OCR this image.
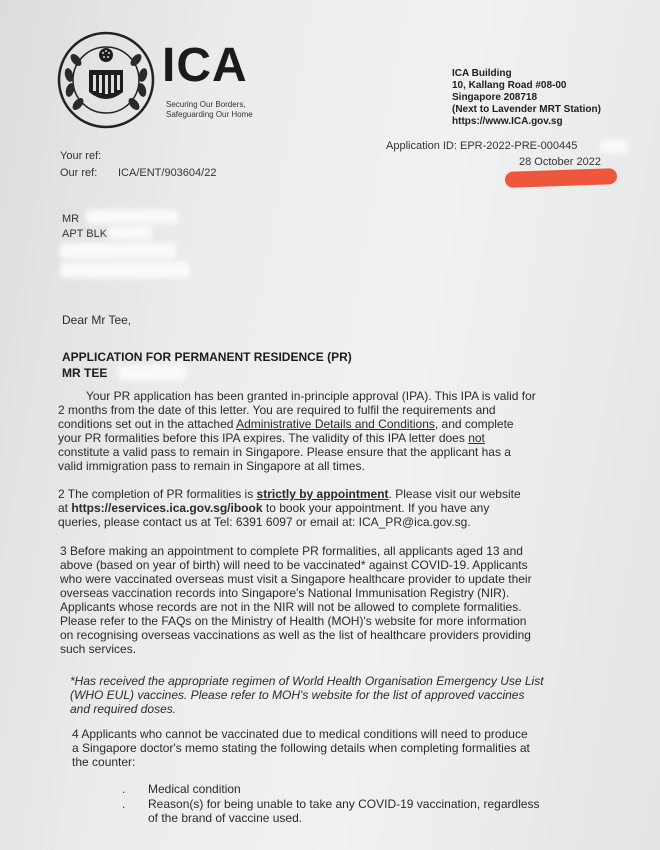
ICA
Securing Our Borders,
Safeguarding Our Home
ICA Building
10, Kallang Road #08-00
Singapore 208718
(Next to Lavender MRT Station)
https://www.ICA.gov.sg
Your ref:
Our ref: ICA/ENT/903604/22
Application ID: EPR-2022-PRE-000445
28 October 2022
MR
APT BLK
Dear Mr Tee,
APPLICATION FOR PERMANENT RESIDENCE (PR)
MR TEE
Your PR application has been granted in-principle approval (IPA). This IPA is valid for
2 months from the date of this letter. You are required to fulfil the requirements and
conditions set out in the attached Administrative Details and Conditions, and complete
your PR formalities before this IPA expires. The validity of this IPA letter does not
constitute a valid pass to remain in Singapore. Please ensure that the applicant has a
valid immigration pass to remain in Singapore at all times.
2 The completion of PR formalities is strictly by appointment. Please visit our website
at https://eservices.ica.gov.sg/ibook to book your appointment. If you have any
queries, please contact us at Tel: 6391 6097 or email at: ICA_PR@ica.gov.sg.
3 Before making an appointment to complete PR formalities, all applicants aged 13 and
above (based on year of birth) will need to be vaccinated* against COVID-19. Applicants
who were vaccinated overseas must visit a Singapore healthcare provider to update their
overseas vaccination records into Singapore's National Immunisation Registry (NIR).
Applicants whose records are not in the NIR will not be allowed to complete formalities.
Please refer to the FAQs on the Ministry of Health (MOH)'s website for more information
on recognising overseas vaccinations as well as the list of healthcare providers providing
such services.
*Has received the appropriate regimen of World Health Organisation Emergency Use List
(WHO EUL) vaccines. Please refer to MOH's website for the list of approved vaccines
and required doses.
4 Applicants who cannot be vaccinated due to medical conditions will need to produce
a Singapore doctor's memo stating the following details when completing formalities at
the counter:
. Medical condition
. Reason(s) for being unable to take any COVID-19 vaccination, regardless
of the brand of vaccine used.
